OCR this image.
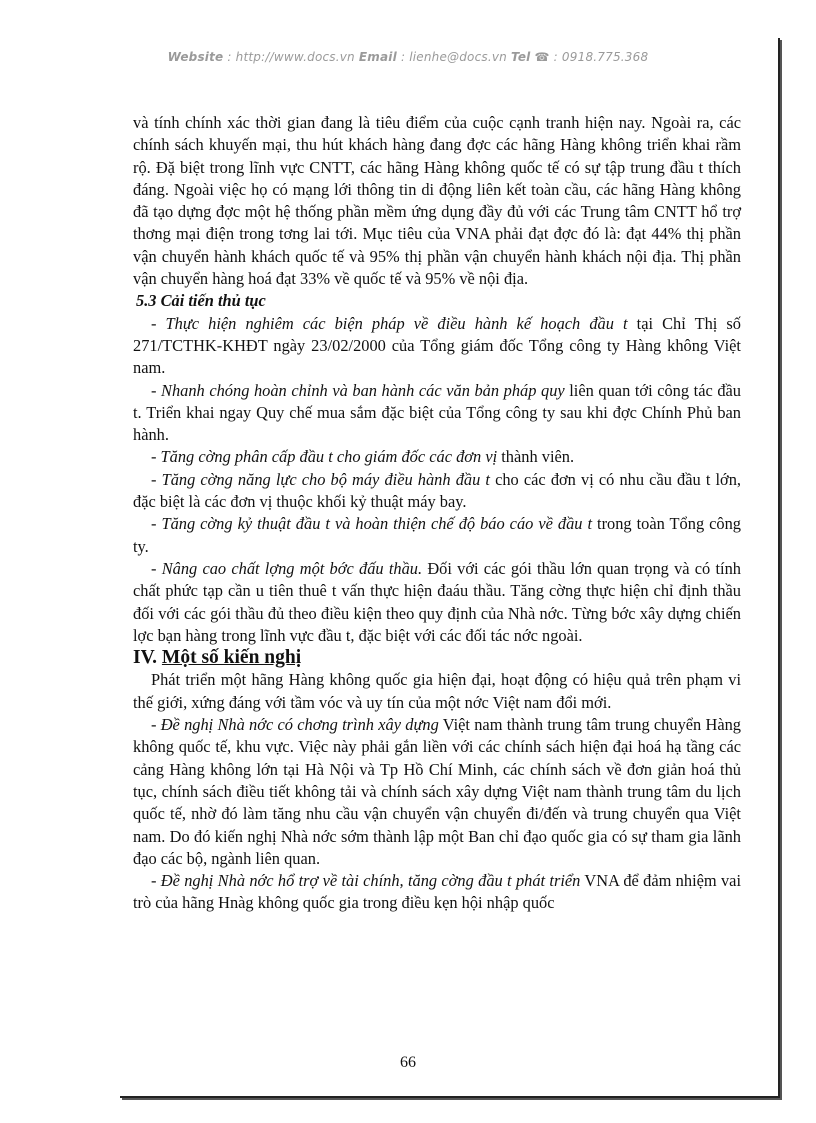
Website : http://www.docs.vn Email : lienhe@docs.vn Tel ☎ : 0918.775.368

và tính chính xác thời gian đang là tiêu điểm của cuộc cạnh tranh hiện nay. Ngoài ra, các chính sách khuyến mại, thu hút khách hàng đang đợc các hãng Hàng không triển khai rầm rộ. Đặ biệt trong lĩnh vực CNTT, các hãng Hàng không quốc tế có sự tập trung đầu t thích đáng. Ngoài việc họ có mạng lới thông tin di động liên kết toàn cầu, các hãng Hàng không đã tạo dựng đợc một hệ thống phần mềm ứng dụng đầy đủ với các Trung tâm CNTT hổ trợ thơng mại điện trong tơng lai tới. Mục tiêu của VNA phải đạt đợc đó là: đạt 44% thị phần vận chuyển hành khách quốc tế và 95% thị phần vận chuyển hành khách nội địa. Thị phần vận chuyển hàng hoá đạt 33% về quốc tế và 95% về nội địa.

5.3 Cải tiến thủ tục

- Thực hiện nghiêm các biện pháp về điều hành kế hoạch đầu t tại Chỉ Thị số 271/TCTHK-KHĐT ngày 23/02/2000 của Tổng giám đốc Tổng công ty Hàng không Việt nam.

- Nhanh chóng hoàn chỉnh và ban hành các văn bản pháp quy liên quan tới công tác đầu t. Triển khai ngay Quy chế mua sắm đặc biệt của Tổng công ty sau khi đợc Chính Phủ ban hành.

- Tăng cờng phân cấp đầu t cho giám đốc các đơn vị thành viên.

- Tăng cờng năng lực cho bộ máy điều hành đầu t cho các đơn vị có nhu cầu đầu t lớn, đặc biệt là các đơn vị thuộc khối kỷ thuật máy bay.

- Tăng cờng kỷ thuật đầu t và hoàn thiện chế độ báo cáo về đầu t trong toàn Tổng công ty.

- Nâng cao chất lợng một bớc đấu thầu. Đối với các gói thầu lớn quan trọng và có tính chất phức tạp cần u tiên thuê t vấn thực hiện đaáu thầu. Tăng cờng thực hiện chỉ định thầu đối với các gói thầu đủ theo điều kiện theo quy định của Nhà nớc. Từng bớc xây dựng chiến lợc bạn hàng trong lĩnh vực đầu t, đặc biệt với các đối tác nớc ngoài.

IV. Một số kiến nghị

Phát triển một hãng Hàng không quốc gia hiện đại, hoạt động có hiệu quả trên phạm vi thế giới, xứng đáng với tầm vóc và uy tín của một nớc Việt nam đổi mới.

- Đề nghị Nhà nớc có chơng trình xây dựng Việt nam thành trung tâm trung chuyển Hàng không quốc tế, khu vực. Việc này phải gắn liền với các chính sách hiện đại hoá hạ tầng các cảng Hàng không lớn tại Hà Nội và Tp Hồ Chí Minh, các chính sách về đơn giản hoá thủ tục, chính sách điều tiết không tải và chính sách xây dựng Việt nam thành trung tâm du lịch quốc tế, nhờ đó làm tăng nhu cầu vận chuyển vận chuyển đi/đến và trung chuyển qua Việt nam. Do đó kiến nghị Nhà nớc sớm thành lập một Ban chỉ đạo quốc gia có sự tham gia lãnh đạo các bộ, ngành liên quan.

- Đề nghị Nhà nớc hổ trợ về tài chính, tăng cờng đầu t phát triển VNA để đảm nhiệm vai trò của hãng Hnàg không quốc gia trong điều kẹn hội nhập quốc

66
